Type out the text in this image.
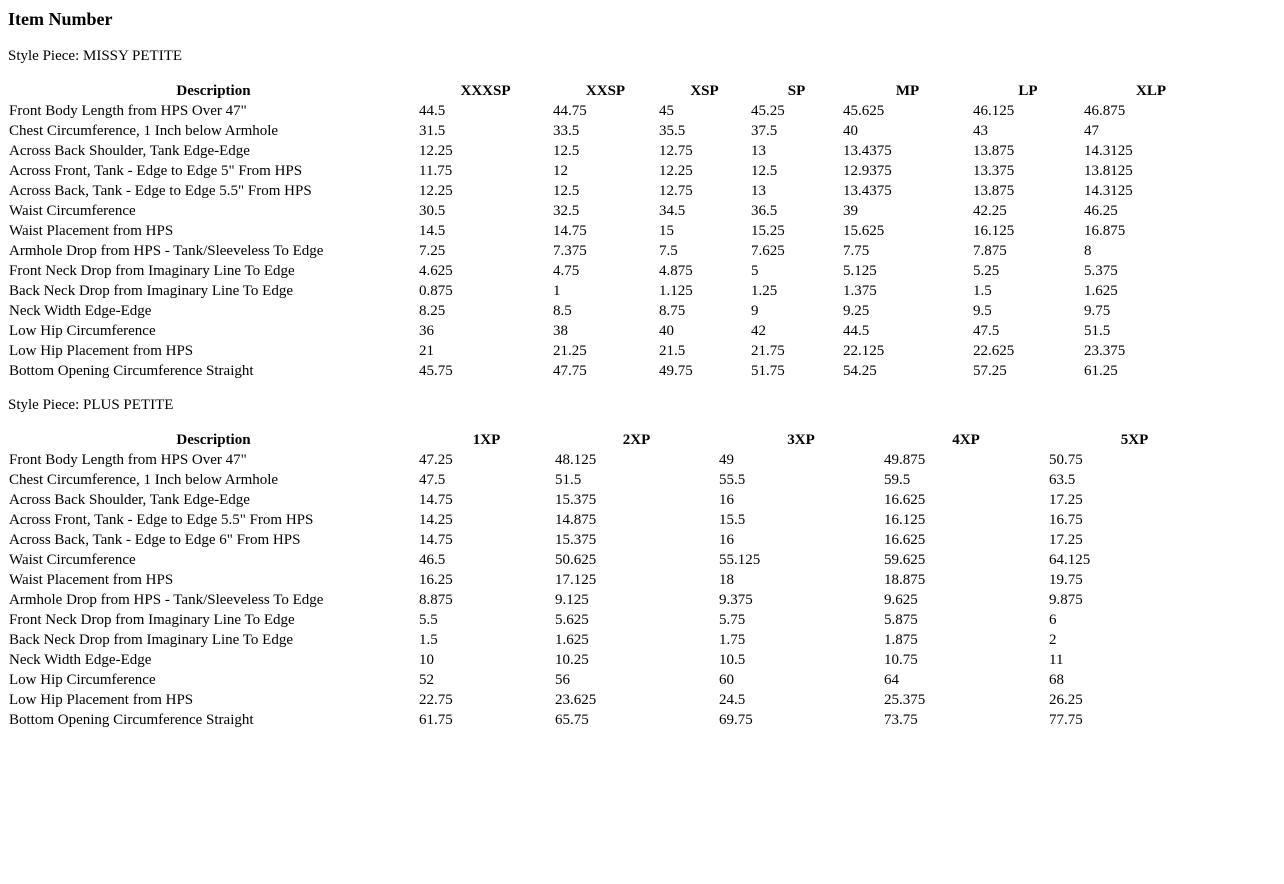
Item Number

Style Piece: MISSY PETITE

Description	XXXSP	XXSP	XSP	SP	MP	LP	XLP
Front Body Length from HPS Over 47"	44.5	44.75	45	45.25	45.625	46.125	46.875
Chest Circumference, 1 Inch below Armhole	31.5	33.5	35.5	37.5	40	43	47
Across Back Shoulder, Tank Edge-Edge	12.25	12.5	12.75	13	13.4375	13.875	14.3125
Across Front, Tank - Edge to Edge 5" From HPS	11.75	12	12.25	12.5	12.9375	13.375	13.8125
Across Back, Tank - Edge to Edge 5.5" From HPS	12.25	12.5	12.75	13	13.4375	13.875	14.3125
Waist Circumference	30.5	32.5	34.5	36.5	39	42.25	46.25
Waist Placement from HPS	14.5	14.75	15	15.25	15.625	16.125	16.875
Armhole Drop from HPS - Tank/Sleeveless To Edge	7.25	7.375	7.5	7.625	7.75	7.875	8
Front Neck Drop from Imaginary Line To Edge	4.625	4.75	4.875	5	5.125	5.25	5.375
Back Neck Drop from Imaginary Line To Edge	0.875	1	1.125	1.25	1.375	1.5	1.625
Neck Width Edge-Edge	8.25	8.5	8.75	9	9.25	9.5	9.75
Low Hip Circumference	36	38	40	42	44.5	47.5	51.5
Low Hip Placement from HPS	21	21.25	21.5	21.75	22.125	22.625	23.375
Bottom Opening Circumference Straight	45.75	47.75	49.75	51.75	54.25	57.25	61.25

Style Piece: PLUS PETITE

Description	1XP	2XP	3XP	4XP	5XP
Front Body Length from HPS Over 47"	47.25	48.125	49	49.875	50.75
Chest Circumference, 1 Inch below Armhole	47.5	51.5	55.5	59.5	63.5
Across Back Shoulder, Tank Edge-Edge	14.75	15.375	16	16.625	17.25
Across Front, Tank - Edge to Edge 5.5" From HPS	14.25	14.875	15.5	16.125	16.75
Across Back, Tank - Edge to Edge 6" From HPS	14.75	15.375	16	16.625	17.25
Waist Circumference	46.5	50.625	55.125	59.625	64.125
Waist Placement from HPS	16.25	17.125	18	18.875	19.75
Armhole Drop from HPS - Tank/Sleeveless To Edge	8.875	9.125	9.375	9.625	9.875
Front Neck Drop from Imaginary Line To Edge	5.5	5.625	5.75	5.875	6
Back Neck Drop from Imaginary Line To Edge	1.5	1.625	1.75	1.875	2
Neck Width Edge-Edge	10	10.25	10.5	10.75	11
Low Hip Circumference	52	56	60	64	68
Low Hip Placement from HPS	22.75	23.625	24.5	25.375	26.25
Bottom Opening Circumference Straight	61.75	65.75	69.75	73.75	77.75
